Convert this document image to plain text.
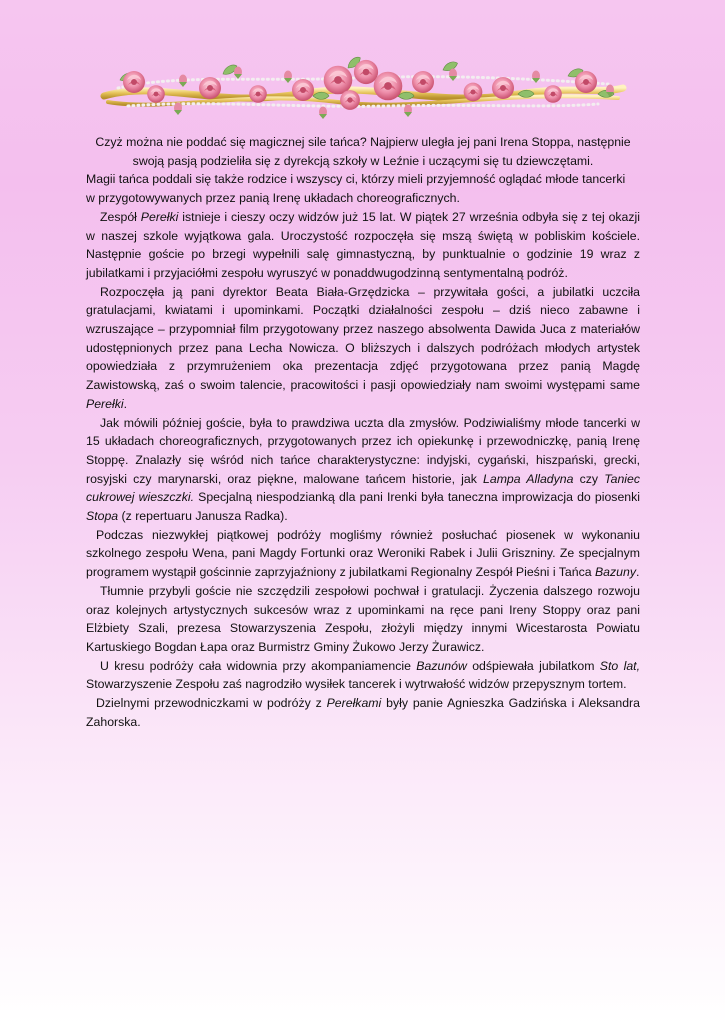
Czyż można nie poddać się magicznej sile tańca? Najpierw uległa jej pani Irena Stoppa, następnie

swoją pasją podzieliła się z dyrekcją szkoły w Leźnie i uczącymi się tu dziewczętami.

Magii tańca poddali się także rodzice i wszyscy ci, którzy mieli przyjemność oglądać młode tancerki

w przygotowywanych przez panią Irenę układach choreograficznych.

Zespół Perełki istnieje i cieszy oczy widzów już 15 lat. W piątek 27 września odbyła się z tej okazji w naszej szkole wyjątkowa gala. Uroczystość rozpoczęła się mszą świętą w pobliskim kościele. Następnie goście po brzegi wypełnili salę gimnastyczną, by punktualnie o godzinie 19 wraz z jubilatkami i przyjaciółmi zespołu wyruszyć w ponaddwugodzinną sentymentalną podróż.

Rozpoczęła ją pani dyrektor Beata Biała-Grzędzicka – przywitała gości, a jubilatki uczciła gratulacjami, kwiatami i upominkami. Początki działalności zespołu – dziś nieco zabawne i wzruszające – przypomniał film przygotowany przez naszego absolwenta Dawida Juca z materiałów udostępnionych przez pana Lecha Nowicza. O bliższych i dalszych podróżach młodych artystek opowiedziała z przymrużeniem oka prezentacja zdjęć przygotowana przez panią Magdę Zawistowską, zaś o swoim talencie, pracowitości i pasji opowiedziały nam swoimi występami same Perełki.

Jak mówili później goście, była to prawdziwa uczta dla zmysłów. Podziwialiśmy młode tancerki w 15 układach choreograficznych, przygotowanych przez ich opiekunkę i przewodniczkę, panią Irenę Stoppę. Znalazły się wśród nich tańce charakterystyczne: indyjski, cygański, hiszpański, grecki, rosyjski czy marynarski, oraz piękne, malowane tańcem historie, jak Lampa Alladyna czy Taniec cukrowej wieszczki. Specjalną niespodzianką dla pani Irenki była taneczna improwizacja do piosenki Stopa (z repertuaru Janusza Radka).

Podczas niezwykłej piątkowej podróży mogliśmy również posłuchać piosenek w wykonaniu szkolnego zespołu Wena, pani Magdy Fortunki oraz Weroniki Rabek i Julii Griszniny. Ze specjalnym programem wystąpił gościnnie zaprzyjaźniony z jubilatkami Regionalny Zespół Pieśni i Tańca Bazuny.

Tłumnie przybyli goście nie szczędzili zespołowi pochwał i gratulacji. Życzenia dalszego rozwoju oraz kolejnych artystycznych sukcesów wraz z upominkami na ręce pani Ireny Stoppy oraz pani Elżbiety Szali, prezesa Stowarzyszenia Zespołu, złożyli między innymi Wicestarosta Powiatu Kartuskiego Bogdan Łapa oraz Burmistrz Gminy Żukowo Jerzy Żurawicz.

U kresu podróży cała widownia przy akompaniamencie Bazunów odśpiewała jubilatkom Sto lat, Stowarzyszenie Zespołu zaś nagrodziło wysiłek tancerek i wytrwałość widzów przepysznym tortem.

Dzielnymi przewodniczkami w podróży z Perełkami były panie Agnieszka Gadzińska i Aleksandra Zahorska.
